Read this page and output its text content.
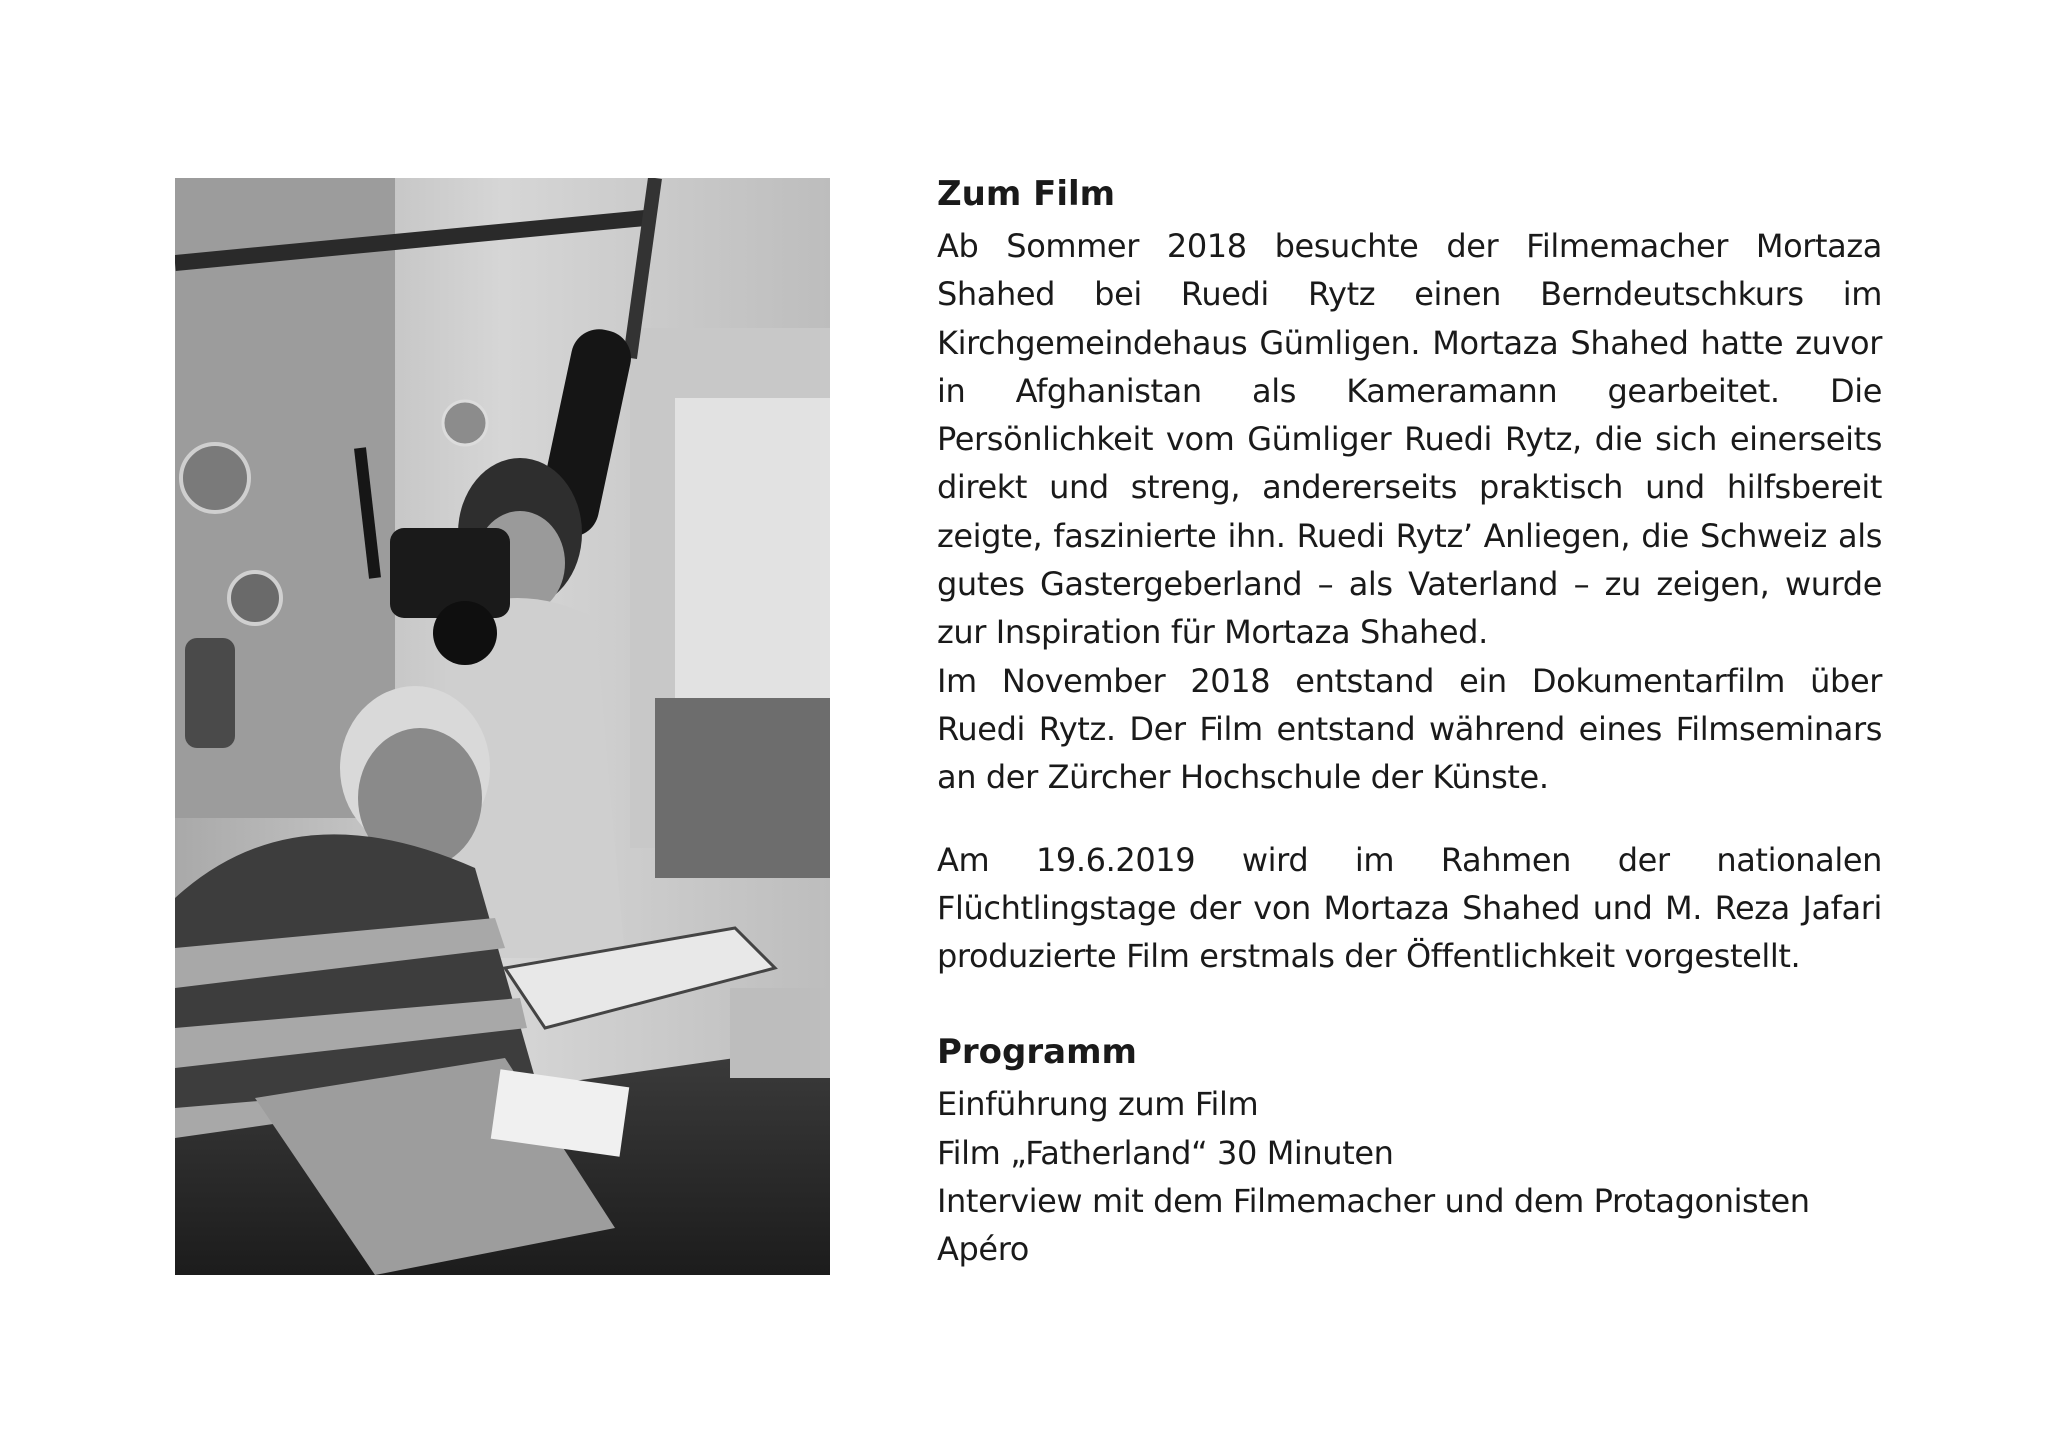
Zum Film

Ab Sommer 2018 besuchte der Filmemacher Mortaza Shahed bei Ruedi Rytz einen Berndeutschkurs im Kirchgemeindehaus Gümligen. Mortaza Shahed hatte zuvor in Afghanistan als Kameramann gearbeitet. Die Persönlichkeit vom Gümliger Ruedi Rytz, die sich einerseits direkt und streng, andererseits praktisch und hilfsbereit zeigte, faszinierte ihn. Ruedi Rytz’ Anliegen, die Schweiz als gutes Gastergeberland – als Vaterland – zu zeigen, wurde zur Inspiration für Mortaza Shahed.

Im November 2018 entstand ein Dokumentarfilm über Ruedi Rytz. Der Film entstand während eines Filmseminars an der Zürcher Hochschule der Künste.

Am 19.6.2019 wird im Rahmen der nationalen Flüchtlingstage der von Mortaza Shahed und M. Reza Jafari produzierte Film erstmals der Öffentlichkeit vorgestellt.

Programm
Einführung zum Film
Film „Fatherland“ 30 Minuten
Interview mit dem Filmemacher und dem Protagonisten
Apéro
